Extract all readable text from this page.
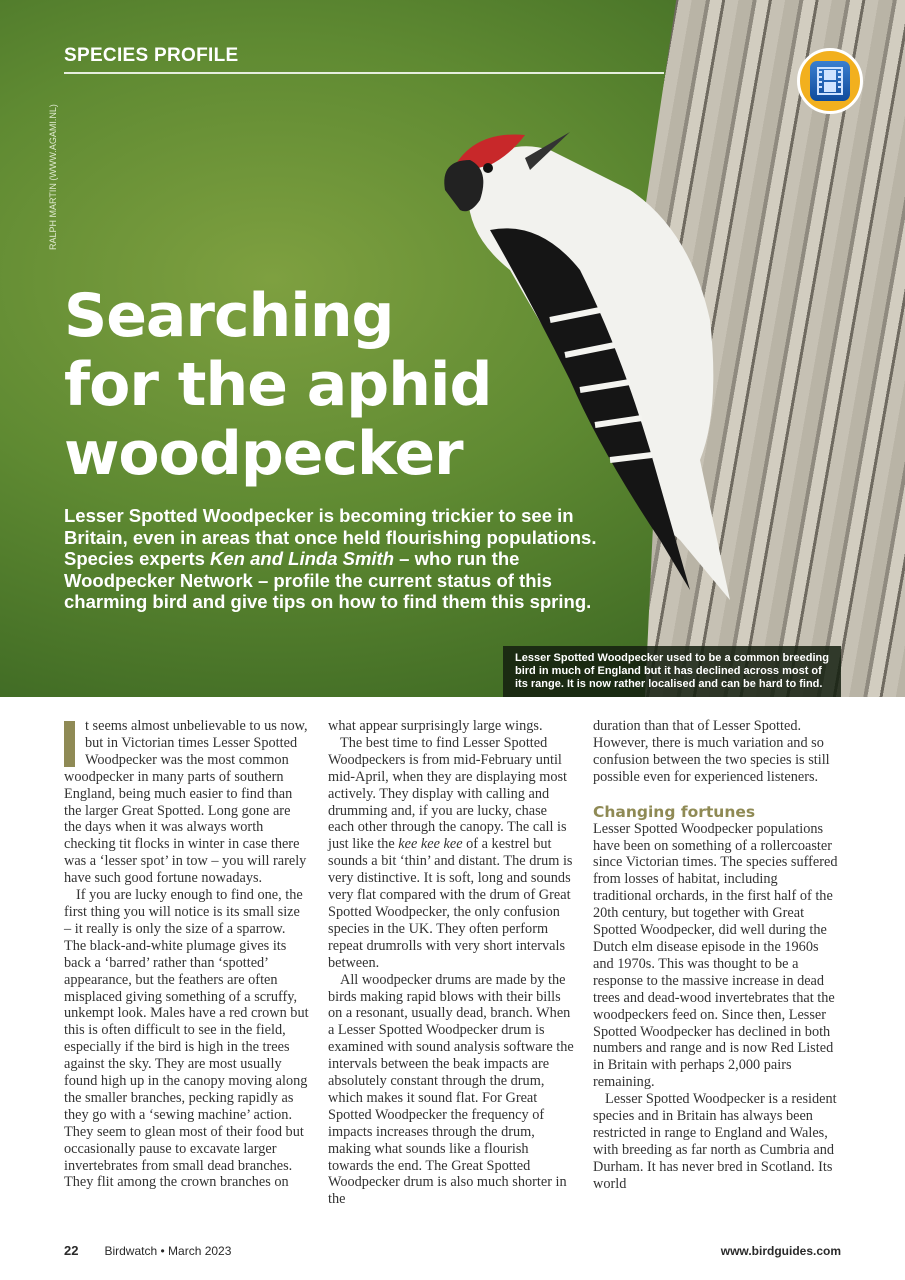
SPECIES PROFILE
RALPH MARTIN (WWW.AGAMI.NL)
Searching
for the aphid
woodpecker
Lesser Spotted Woodpecker is becoming trickier to see in Britain, even in areas that once held flourishing populations. Species experts Ken and Linda Smith – who run the Woodpecker Network – profile the current status of this charming bird and give tips on how to find them this spring.
Lesser Spotted Woodpecker used to be a common breeding bird in much of England but it has declined across most of its range. It is now rather localised and can be hard to find.

t seems almost unbelievable to us now, but in Victorian times Lesser Spotted Woodpecker was the most common woodpecker in many parts of southern England, being much easier to find than the larger Great Spotted. Long gone are the days when it was always worth checking tit flocks in winter in case there was a ‘lesser spot’ in tow – you will rarely have such good fortune nowadays.

If you are lucky enough to find one, the first thing you will notice is its small size – it really is only the size of a sparrow. The black-and-white plumage gives its back a ‘barred’ rather than ‘spotted’ appearance, but the feathers are often misplaced giving something of a scruffy, unkempt look. Males have a red crown but this is often difficult to see in the field, especially if the bird is high in the trees against the sky. They are most usually found high up in the canopy moving along the smaller branches, pecking rapidly as they go with a ‘sewing machine’ action. They seem to glean most of their food but occasionally pause to excavate larger invertebrates from small dead branches. They flit among the crown branches on

what appear surprisingly large wings.

The best time to find Lesser Spotted Woodpeckers is from mid-February until mid-April, when they are displaying most actively. They display with calling and drumming and, if you are lucky, chase each other through the canopy. The call is just like the kee kee kee of a kestrel but sounds a bit ‘thin’ and distant. The drum is very distinctive. It is soft, long and sounds very flat compared with the drum of Great Spotted Woodpecker, the only confusion species in the UK. They often perform repeat drumrolls with very short intervals between.

All woodpecker drums are made by the birds making rapid blows with their bills on a resonant, usually dead, branch. When a Lesser Spotted Woodpecker drum is examined with sound analysis software the intervals between the beak impacts are absolutely constant through the drum, which makes it sound flat. For Great Spotted Woodpecker the frequency of impacts increases through the drum, making what sounds like a flourish towards the end. The Great Spotted Woodpecker drum is also much shorter in the

duration than that of Lesser Spotted. However, there is much variation and so confusion between the two species is still possible even for experienced listeners.

Changing fortunes

Lesser Spotted Woodpecker populations have been on something of a rollercoaster since Victorian times. The species suffered from losses of habitat, including traditional orchards, in the first half of the 20th century, but together with Great Spotted Woodpecker, did well during the Dutch elm disease episode in the 1960s and 1970s. This was thought to be a response to the massive increase in dead trees and dead-wood invertebrates that the woodpeckers feed on. Since then, Lesser Spotted Woodpecker has declined in both numbers and range and is now Red Listed in Britain with perhaps 2,000 pairs remaining.

Lesser Spotted Woodpecker is a resident species and in Britain has always been restricted in range to England and Wales, with breeding as far north as Cumbria and Durham. It has never bred in Scotland. Its world

22 Birdwatch • March 2023	www.birdguides.com
